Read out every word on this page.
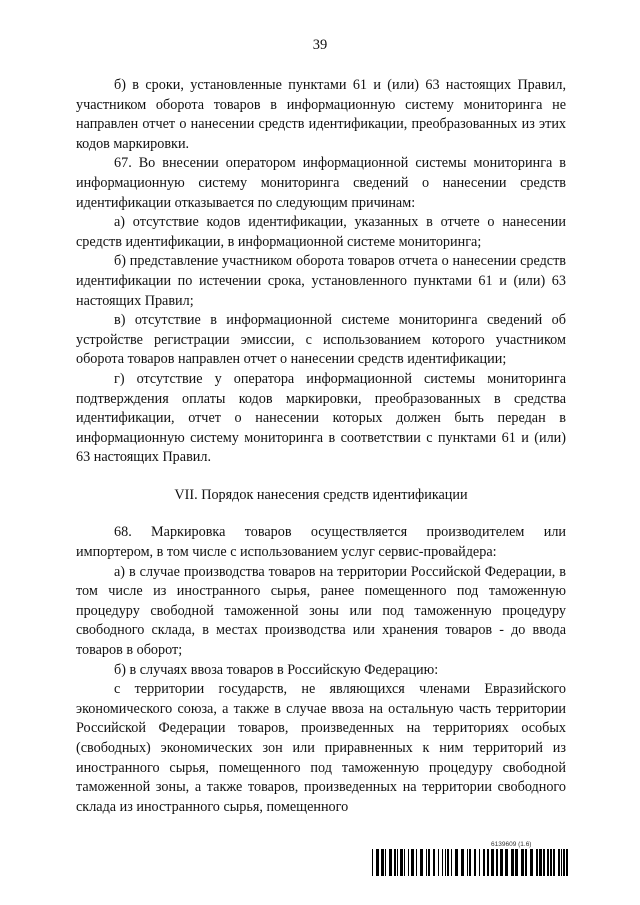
39

б) в сроки, установленные пунктами 61 и (или) 63 настоящих Правил, участником оборота товаров в информационную систему мониторинга не направлен отчет о нанесении средств идентификации, преобразованных из этих кодов маркировки.

67. Во внесении оператором информационной системы мониторинга в информационную систему мониторинга сведений о нанесении средств идентификации отказывается по следующим причинам:

а) отсутствие кодов идентификации, указанных в отчете о нанесении средств идентификации, в информационной системе мониторинга;

б) представление участником оборота товаров отчета о нанесении средств идентификации по истечении срока, установленного пунктами 61 и (или) 63 настоящих Правил;

в) отсутствие в информационной системе мониторинга сведений об устройстве регистрации эмиссии, с использованием которого участником оборота товаров направлен отчет о нанесении средств идентификации;

г) отсутствие у оператора информационной системы мониторинга подтверждения оплаты кодов маркировки, преобразованных в средства идентификации, отчет о нанесении которых должен быть передан в информационную систему мониторинга в соответствии с пунктами 61 и (или) 63 настоящих Правил.

VII. Порядок нанесения средств идентификации

68. Маркировка товаров осуществляется производителем или импортером, в том числе с использованием услуг сервис-провайдера:

а) в случае производства товаров на территории Российской Федерации, в том числе из иностранного сырья, ранее помещенного под таможенную процедуру свободной таможенной зоны или под таможенную процедуру свободного склада, в местах производства или хранения товаров - до ввода товаров в оборот;

б) в случаях ввоза товаров в Российскую Федерацию:

с территории государств, не являющихся членами Евразийского экономического союза, а также в случае ввоза на остальную часть территории Российской Федерации товаров, произведенных на территориях особых (свободных) экономических зон или приравненных к ним территорий из иностранного сырья, помещенного под таможенную процедуру свободной таможенной зоны, а также товаров, произведенных на территории свободного склада из иностранного сырья, помещенного

6139609 (1.6)
